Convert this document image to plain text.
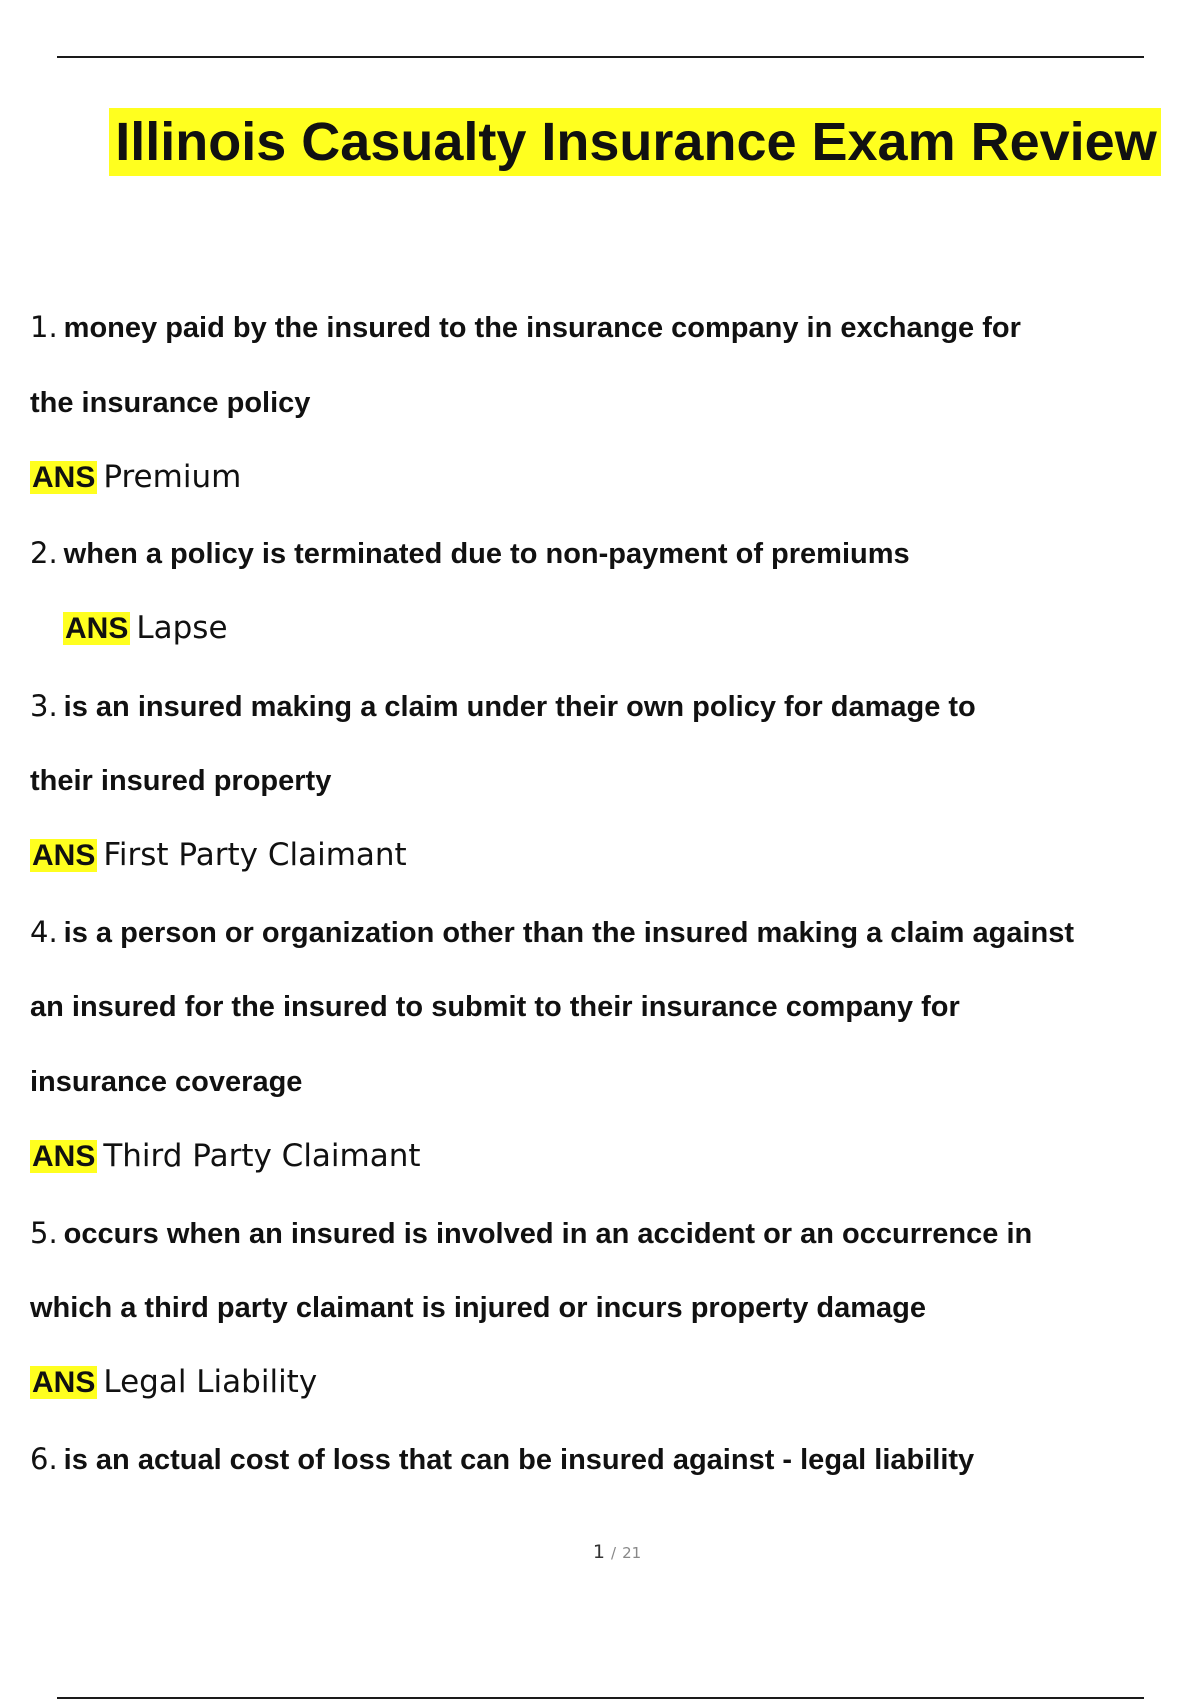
Illinois Casualty Insurance Exam Review
1. money paid by the insured to the insurance company in exchange for
the insurance policy
ANS Premium
2. when a policy is terminated due to non-payment of premiums
ANS Lapse
3. is an insured making a claim under their own policy for damage to
their insured property
ANS First Party Claimant
4. is a person or organization other than the insured making a claim against
an insured for the insured to submit to their insurance company for
insurance coverage
ANS Third Party Claimant
5. occurs when an insured is involved in an accident or an occurrence in
which a third party claimant is injured or incurs property damage
ANS Legal Liability
6. is an actual cost of loss that can be insured against - legal liability
1 / 21
